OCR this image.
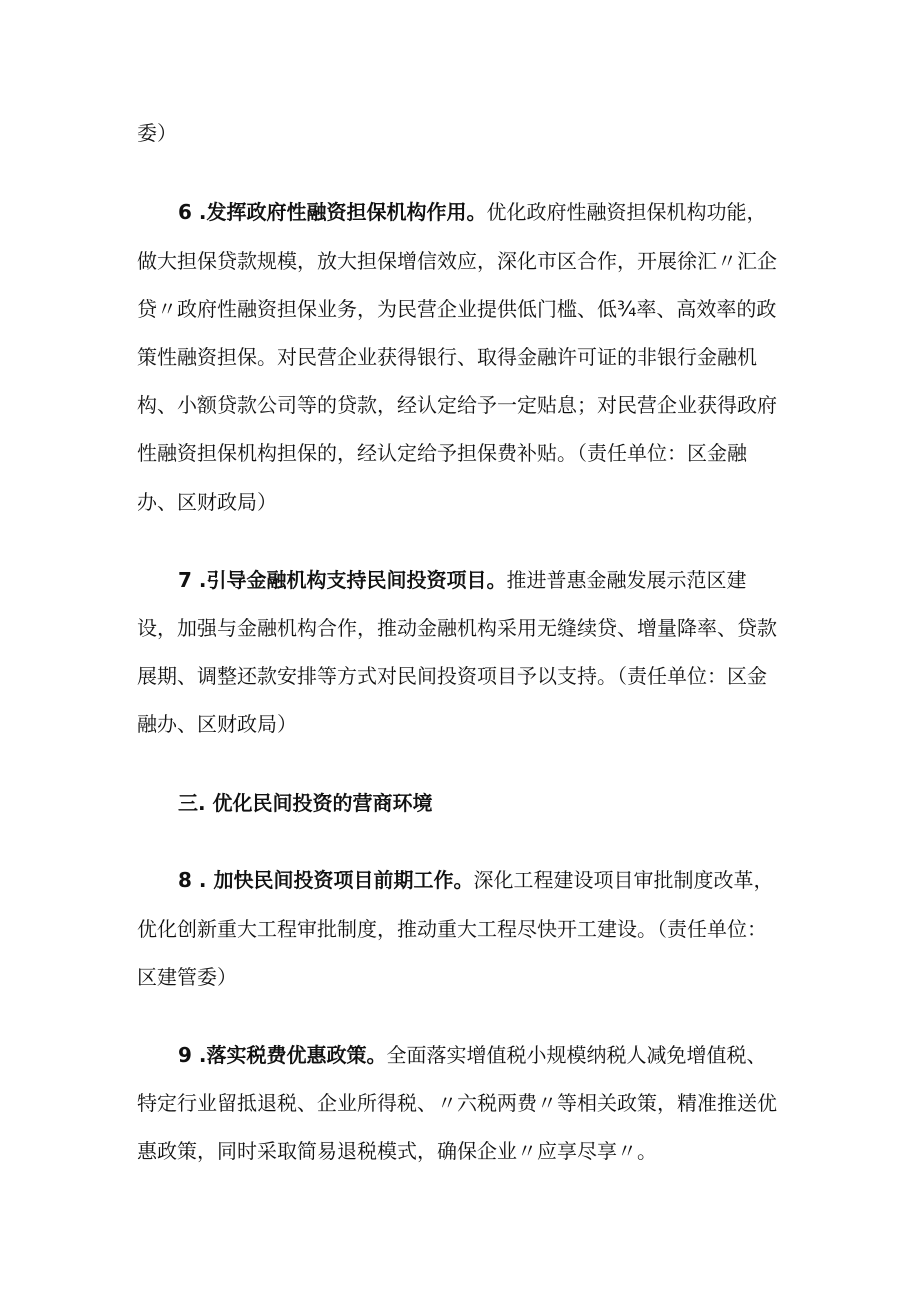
委）
6 .发挥政府性融资担保机构作用。优化政府性融资担保机构功能，
做大担保贷款规模，放大担保增信效应，深化市区合作，开展徐汇〃汇企
贷〃政府性融资担保业务，为民营企业提供低门槛、低¾率、高效率的政
策性融资担保。对民营企业获得银行、取得金融许可证的非银行金融机
构、小额贷款公司等的贷款，经认定给予一定贴息；对民营企业获得政府
性融资担保机构担保的，经认定给予担保费补贴。（责任单位：区金融
办、区财政局）
7 .引导金融机构支持民间投资项目。推进普惠金融发展示范区建
设，加强与金融机构合作，推动金融机构采用无缝续贷、增量降率、贷款
展期、调整还款安排等方式对民间投资项目予以支持。（责任单位：区金
融办、区财政局）
三. 优化民间投资的营商环境
8 . 加快民间投资项目前期工作。深化工程建设项目审批制度改革，
优化创新重大工程审批制度，推动重大工程尽快开工建设。（责任单位：
区建管委）
9 .落实税费优惠政策。全面落实增值税小规模纳税人减免增值税、
特定行业留抵退税、企业所得税、〃六税两费〃等相关政策，精准推送优
惠政策，同时采取简易退税模式，确保企业〃应享尽享〃。
